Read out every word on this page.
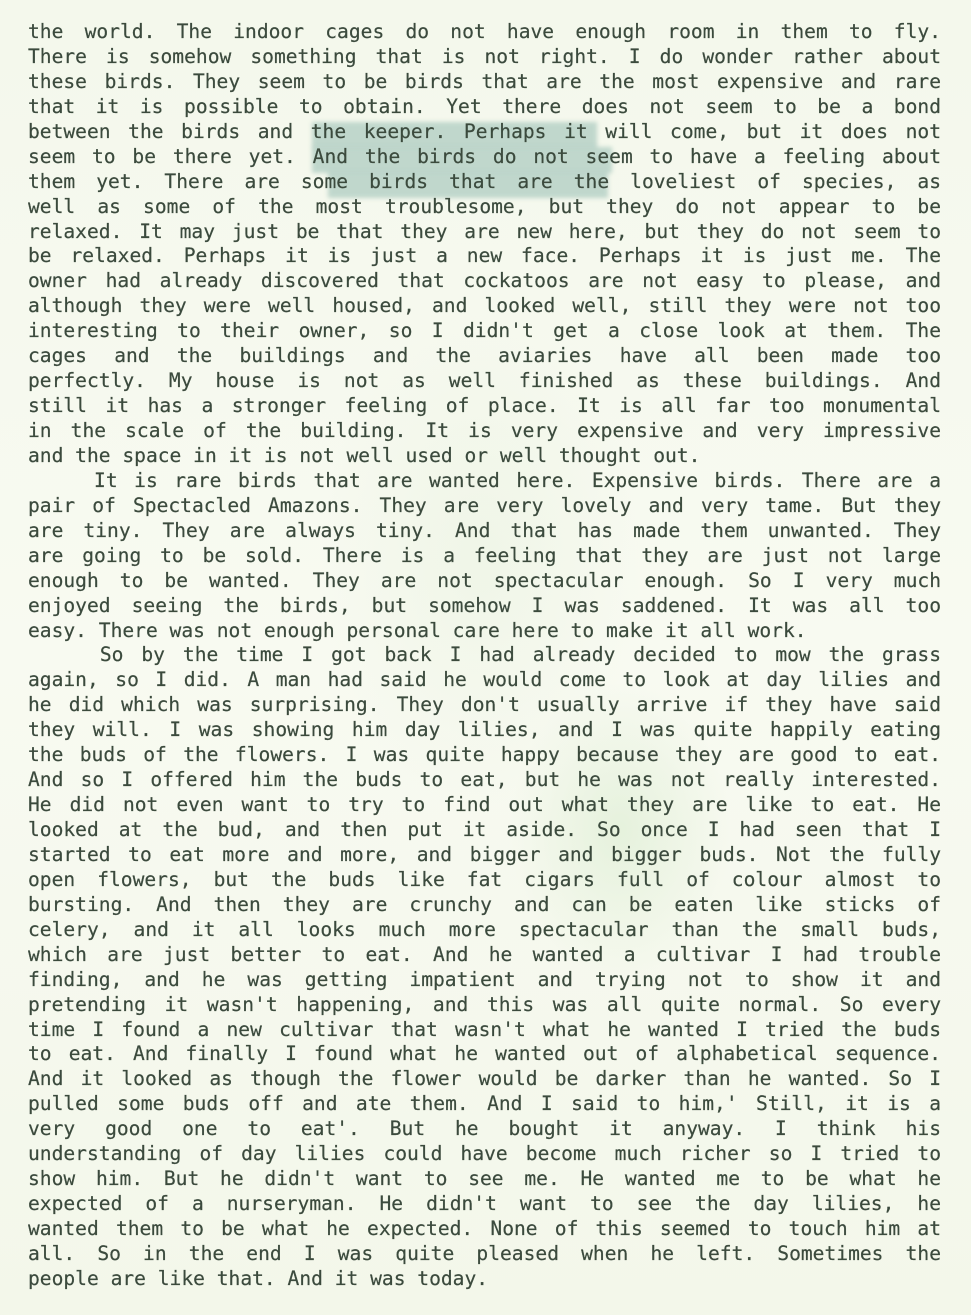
the world. The indoor cages do not have enough room in them to fly.
There is somehow something that is not right. I do wonder rather about
these birds. They seem to be birds that are the most expensive and rare
that it is possible to obtain. Yet there does not seem to be a bond
between the birds and the keeper. Perhaps it will come, but it does not
seem to be there yet. And the birds do not seem to have a feeling about
them yet. There are some birds that are the loveliest of species, as
well as some of the most troublesome, but they do not appear to be
relaxed. It may just be that they are new here, but they do not seem to
be relaxed. Perhaps it is just a new face. Perhaps it is just me. The
owner had already discovered that cockatoos are not easy to please, and
although they were well housed, and looked well, still they were not too
interesting to their owner, so I didn't get a close look at them. The
cages and the buildings and the aviaries have all been made too
perfectly. My house is not as well finished as these buildings. And
still it has a stronger feeling of place. It is all far too monumental
in the scale of the building. It is very expensive and very impressive
and the space in it is not well used or well thought out.
It is rare birds that are wanted here. Expensive birds. There are a
pair of Spectacled Amazons. They are very lovely and very tame. But they
are tiny. They are always tiny. And that has made them unwanted. They
are going to be sold. There is a feeling that they are just not large
enough to be wanted. They are not spectacular enough. So I very much
enjoyed seeing the birds, but somehow I was saddened. It was all too
easy. There was not enough personal care here to make it all work.
So by the time I got back I had already decided to mow the grass
again, so I did. A man had said he would come to look at day lilies and
he did which was surprising. They don't usually arrive if they have said
they will. I was showing him day lilies, and I was quite happily eating
the buds of the flowers. I was quite happy because they are good to eat.
And so I offered him the buds to eat, but he was not really interested.
He did not even want to try to find out what they are like to eat. He
looked at the bud, and then put it aside. So once I had seen that I
started to eat more and more, and bigger and bigger buds. Not the fully
open flowers, but the buds like fat cigars full of colour almost to
bursting. And then they are crunchy and can be eaten like sticks of
celery, and it all looks much more spectacular than the small buds,
which are just better to eat. And he wanted a cultivar I had trouble
finding, and he was getting impatient and trying not to show it and
pretending it wasn't happening, and this was all quite normal. So every
time I found a new cultivar that wasn't what he wanted I tried the buds
to eat. And finally I found what he wanted out of alphabetical sequence.
And it looked as though the flower would be darker than he wanted. So I
pulled some buds off and ate them. And I said to him,' Still, it is a
very good one to eat'. But he bought it anyway. I think his
understanding of day lilies could have become much richer so I tried to
show him. But he didn't want to see me. He wanted me to be what he
expected of a nurseryman. He didn't want to see the day lilies, he
wanted them to be what he expected. None of this seemed to touch him at
all. So in the end I was quite pleased when he left. Sometimes the
people are like that. And it was today.
